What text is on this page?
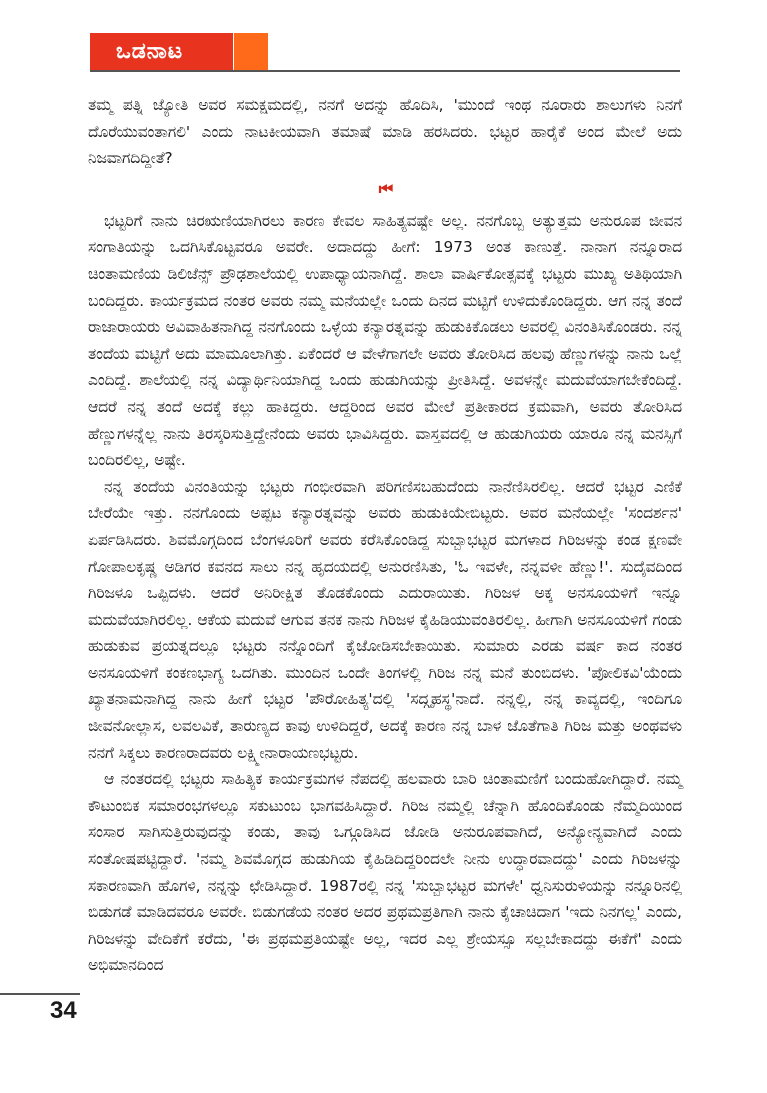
ಒಡನಾಟ

ತಮ್ಮ ಪತ್ನಿ ಜ್ಯೋತಿ ಅವರ ಸಮಕ್ಷಮದಲ್ಲಿ, ನನಗೆ ಅದನ್ನು ಹೊದಿಸಿ, 'ಮುಂದೆ ಇಂಥ ನೂರಾರು ಶಾಲುಗಳು ನಿನಗೆ ದೊರೆಯುವಂತಾಗಲಿ' ಎಂದು ನಾಟಕೀಯವಾಗಿ ತಮಾಷೆ ಮಾಡಿ ಹರಸಿದರು. ಭಟ್ಟರ ಹಾರೈಕೆ ಅಂದ ಮೇಲೆ ಅದು ನಿಜವಾಗದಿದ್ದೀತೆ?

⏮

ಭಟ್ಟರಿಗೆ ನಾನು ಚಿರಋಣಿಯಾಗಿರಲು ಕಾರಣ ಕೇವಲ ಸಾಹಿತ್ಯವಷ್ಟೇ ಅಲ್ಲ. ನನಗೊಬ್ಬ ಅತ್ಯುತ್ತಮ ಅನುರೂಪ ಜೀವನ ಸಂಗಾತಿಯನ್ನು ಒದಗಿಸಿಕೊಟ್ಟವರೂ ಅವರೇ. ಅದಾದದ್ದು ಹೀಗೆ: 1973 ಅಂತ ಕಾಣುತ್ತೆ. ನಾನಾಗ ನನ್ನೂರಾದ ಚಿಂತಾಮಣಿಯ ಡಿಲಿಜೆನ್ಸ್ ಪ್ರೌಢಶಾಲೆಯಲ್ಲಿ ಉಪಾಧ್ಯಾಯನಾಗಿದ್ದೆ. ಶಾಲಾ ವಾರ್ಷಿಕೋತ್ಸವಕ್ಕೆ ಭಟ್ಟರು ಮುಖ್ಯ ಅತಿಥಿಯಾಗಿ ಬಂದಿದ್ದರು. ಕಾರ್ಯಕ್ರಮದ ನಂತರ ಅವರು ನಮ್ಮ ಮನೆಯಲ್ಲೇ ಒಂದು ದಿನದ ಮಟ್ಟಿಗೆ ಉಳಿದುಕೊಂಡಿದ್ದರು. ಆಗ ನನ್ನ ತಂದೆ ರಾಜಾರಾಯರು ಅವಿವಾಹಿತನಾಗಿದ್ದ ನನಗೊಂದು ಒಳ್ಳೆಯ ಕನ್ಯಾರತ್ನವನ್ನು ಹುಡುಕಿಕೊಡಲು ಅವರಲ್ಲಿ ವಿನಂತಿಸಿಕೊಂಡರು. ನನ್ನ ತಂದೆಯ ಮಟ್ಟಿಗೆ ಅದು ಮಾಮೂಲಾಗಿತ್ತು. ಏಕೆಂದರೆ ಆ ವೇಳೆಗಾಗಲೇ ಅವರು ತೋರಿಸಿದ ಹಲವು ಹೆಣ್ಣುಗಳನ್ನು ನಾನು ಒಲ್ಲೆ ಎಂದಿದ್ದೆ. ಶಾಲೆಯಲ್ಲಿ ನನ್ನ ವಿದ್ಯಾರ್ಥಿನಿಯಾಗಿದ್ದ ಒಂದು ಹುಡುಗಿಯನ್ನು ಪ್ರೀತಿಸಿದ್ದೆ. ಅವಳನ್ನೇ ಮದುವೆಯಾಗಬೇಕೆಂದಿದ್ದೆ. ಆದರೆ ನನ್ನ ತಂದೆ ಅದಕ್ಕೆ ಕಲ್ಲು ಹಾಕಿದ್ದರು. ಆದ್ದರಿಂದ ಅವರ ಮೇಲೆ ಪ್ರತೀಕಾರದ ಕ್ರಮವಾಗಿ, ಅವರು ತೋರಿಸಿದ ಹೆಣ್ಣುಗಳನ್ನೆಲ್ಲ ನಾನು ತಿರಸ್ಕರಿಸುತ್ತಿದ್ದೇನೆಂದು ಅವರು ಭಾವಿಸಿದ್ದರು. ವಾಸ್ತವದಲ್ಲಿ ಆ ಹುಡುಗಿಯರು ಯಾರೂ ನನ್ನ ಮನಸ್ಸಿಗೆ ಬಂದಿರಲಿಲ್ಲ, ಅಷ್ಟೇ.

ನನ್ನ ತಂದೆಯ ವಿನಂತಿಯನ್ನು ಭಟ್ಟರು ಗಂಭೀರವಾಗಿ ಪರಿಗಣಿಸಬಹುದೆಂದು ನಾನೆಣಿಸಿರಲಿಲ್ಲ. ಆದರೆ ಭಟ್ಟರ ಎಣಿಕೆ ಬೇರೆಯೇ ಇತ್ತು. ನನಗೊಂದು ಅಪ್ಪಟ ಕನ್ಯಾರತ್ನವನ್ನು ಅವರು ಹುಡುಕಿಯೇಬಿಟ್ಟರು. ಅವರ ಮನೆಯಲ್ಲೇ 'ಸಂದರ್ಶನ' ಏರ್ಪಡಿಸಿದರು. ಶಿವಮೊಗ್ಗದಿಂದ ಬೆಂಗಳೂರಿಗೆ ಅವರು ಕರೆಸಿಕೊಂಡಿದ್ದ ಸುಬ್ಬಾಭಟ್ಟರ ಮಗಳಾದ ಗಿರಿಜಳನ್ನು ಕಂಡ ಕ್ಷಣವೇ ಗೋಪಾಲಕೃಷ್ಣ ಅಡಿಗರ ಕವನದ ಸಾಲು ನನ್ನ ಹೃದಯದಲ್ಲಿ ಅನುರಣಿಸಿತು, 'ಓ ಇವಳೇ, ನನ್ನವಳೀ ಹೆಣ್ಣು!'. ಸುದೈವದಿಂದ ಗಿರಿಜಳೂ ಒಪ್ಪಿದಳು. ಆದರೆ ಅನಿರೀಕ್ಷಿತ ತೊಡಕೊಂದು ಎದುರಾಯಿತು. ಗಿರಿಜಳ ಅಕ್ಕ ಅನಸೂಯಳಿಗೆ ಇನ್ನೂ ಮದುವೆಯಾಗಿರಲಿಲ್ಲ. ಆಕೆಯ ಮದುವೆ ಆಗುವ ತನಕ ನಾನು ಗಿರಿಜಳ ಕೈಹಿಡಿಯುವಂತಿರಲಿಲ್ಲ. ಹೀಗಾಗಿ ಅನಸೂಯಳಿಗೆ ಗಂಡು ಹುಡುಕುವ ಪ್ರಯತ್ನದಲ್ಲೂ ಭಟ್ಟರು ನನ್ನೊಂದಿಗೆ ಕೈಜೋಡಿಸಬೇಕಾಯಿತು. ಸುಮಾರು ಎರಡು ವರ್ಷ ಕಾದ ನಂತರ ಅನಸೂಯಳಿಗೆ ಕಂಕಣಭಾಗ್ಯ ಒದಗಿತು. ಮುಂದಿನ ಒಂದೇ ತಿಂಗಳಲ್ಲಿ ಗಿರಿಜ ನನ್ನ ಮನೆ ತುಂಬಿದಳು. 'ಪೋಲಿಕವಿ'ಯೆಂದು ಖ್ಯಾತನಾಮನಾಗಿದ್ದ ನಾನು ಹೀಗೆ ಭಟ್ಟರ 'ಪೌರೋಹಿತ್ಯ'ದಲ್ಲಿ 'ಸದ್ಗೃಹಸ್ಥ'ನಾದೆ. ನನ್ನಲ್ಲಿ, ನನ್ನ ಕಾವ್ಯದಲ್ಲಿ, ಇಂದಿಗೂ ಜೀವನೋಲ್ಲಾಸ, ಲವಲವಿಕೆ, ತಾರುಣ್ಯದ ಕಾವು ಉಳಿದಿದ್ದರೆ, ಅದಕ್ಕೆ ಕಾರಣ ನನ್ನ ಬಾಳ ಜೊತೆಗಾತಿ ಗಿರಿಜ ಮತ್ತು ಅಂಥವಳು ನನಗೆ ಸಿಕ್ಕಲು ಕಾರಣರಾದವರು ಲಕ್ಷ್ಮೀನಾರಾಯಣಭಟ್ಟರು.

ಆ ನಂತರದಲ್ಲಿ ಭಟ್ಟರು ಸಾಹಿತ್ಯಿಕ ಕಾರ್ಯಕ್ರಮಗಳ ನೆಪದಲ್ಲಿ ಹಲವಾರು ಬಾರಿ ಚಿಂತಾಮಣಿಗೆ ಬಂದುಹೋಗಿದ್ದಾರೆ. ನಮ್ಮ ಕೌಟುಂಬಿಕ ಸಮಾರಂಭಗಳಲ್ಲೂ ಸಕುಟುಂಬ ಭಾಗವಹಿಸಿದ್ದಾರೆ. ಗಿರಿಜ ನಮ್ಮಲ್ಲಿ ಚೆನ್ನಾಗಿ ಹೊಂದಿಕೊಂಡು ನೆಮ್ಮದಿಯಿಂದ ಸಂಸಾರ ಸಾಗಿಸುತ್ತಿರುವುದನ್ನು ಕಂಡು, ತಾವು ಒಗ್ಗೂಡಿಸಿದ ಜೋಡಿ ಅನುರೂಪವಾಗಿದೆ, ಅನ್ಯೋನ್ಯವಾಗಿದೆ ಎಂದು ಸಂತೋಷಪಟ್ಟಿದ್ದಾರೆ. 'ನಮ್ಮ ಶಿವಮೊಗ್ಗದ ಹುಡುಗಿಯ ಕೈಹಿಡಿದಿದ್ದರಿಂದಲೇ ನೀನು ಉದ್ಧಾರವಾದದ್ದು' ಎಂದು ಗಿರಿಜಳನ್ನು ಸಕಾರಣವಾಗಿ ಹೊಗಳಿ, ನನ್ನನ್ನು ಛೇಡಿಸಿದ್ದಾರೆ. 1987ರಲ್ಲಿ ನನ್ನ 'ಸುಬ್ಬಾಭಟ್ಟರ ಮಗಳೇ' ಧ್ವನಿಸುರುಳಿಯನ್ನು ನನ್ನೂರಿನಲ್ಲಿ ಬಿಡುಗಡೆ ಮಾಡಿದವರೂ ಅವರೇ. ಬಿಡುಗಡೆಯ ನಂತರ ಅದರ ಪ್ರಥಮಪ್ರತಿಗಾಗಿ ನಾನು ಕೈಚಾಚಿದಾಗ 'ಇದು ನಿನಗಲ್ಲ' ಎಂದು, ಗಿರಿಜಳನ್ನು ವೇದಿಕೆಗೆ ಕರೆದು, 'ಈ ಪ್ರಥಮಪ್ರತಿಯಷ್ಟೇ ಅಲ್ಲ, ಇದರ ಎಲ್ಲ ಶ್ರೇಯಸ್ಸೂ ಸಲ್ಲಬೇಕಾದದ್ದು ಈಕೆಗೆ' ಎಂದು ಅಭಿಮಾನದಿಂದ

34
